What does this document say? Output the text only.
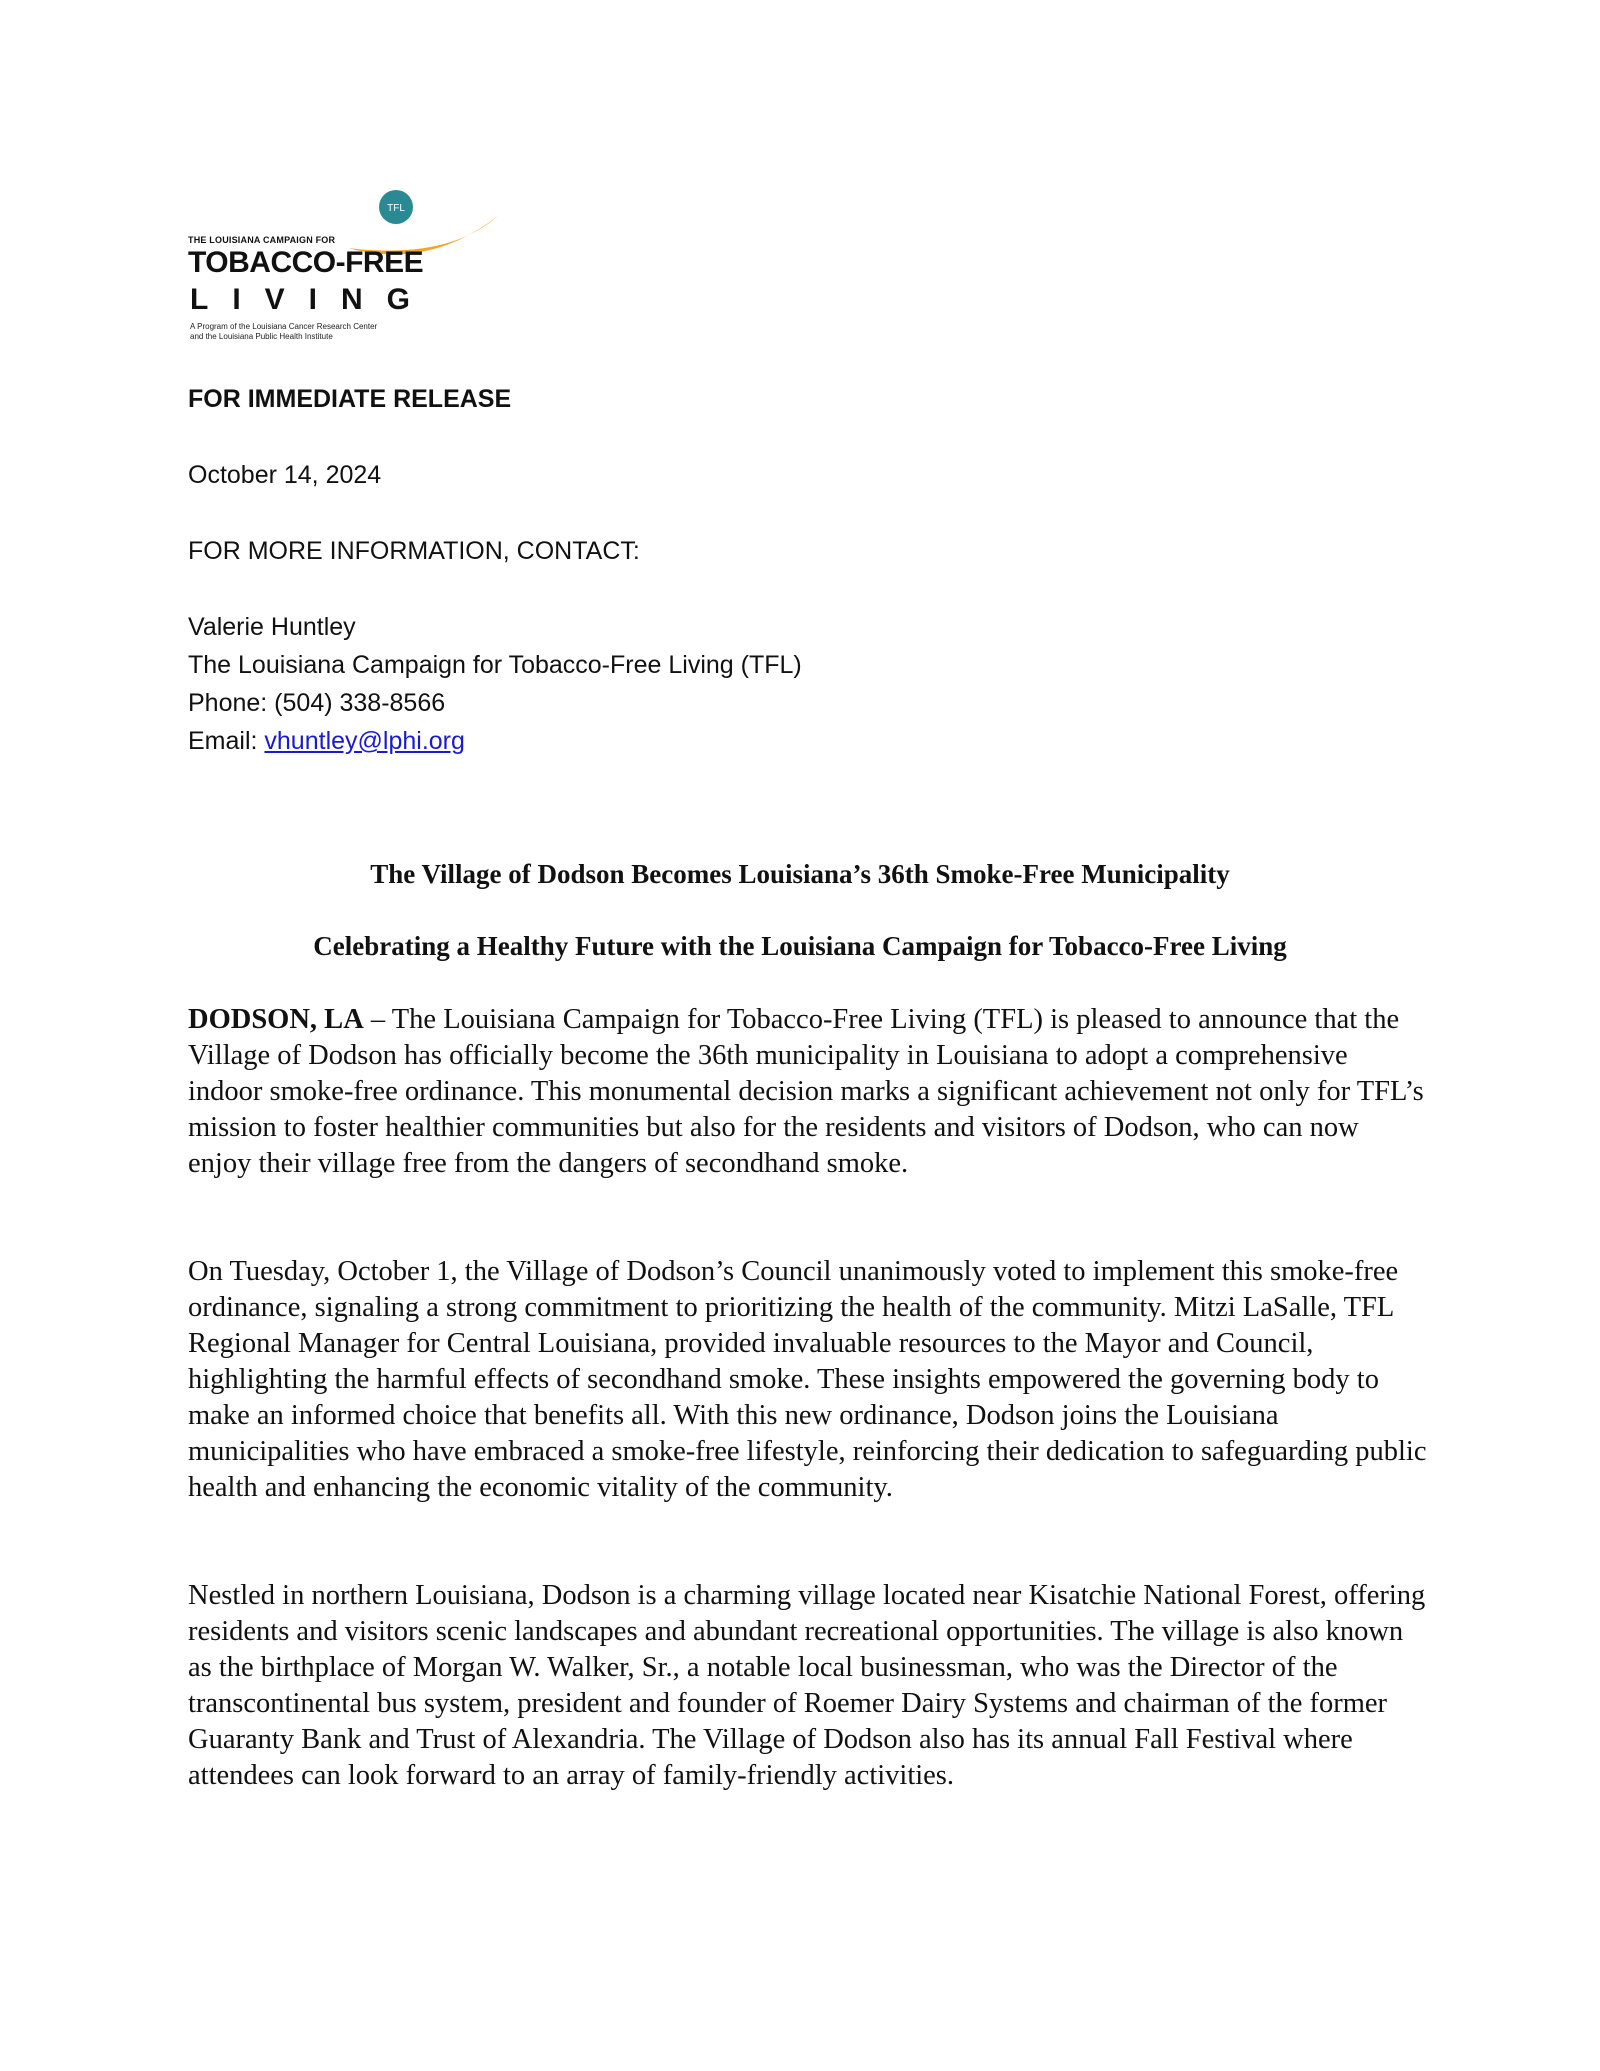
TFL
THE LOUISIANA CAMPAIGN FOR
TOBACCO-FREE
LIVING
A Program of the Louisiana Cancer Research Center
and the Louisiana Public Health Institute
FOR IMMEDIATE RELEASE
October 14, 2024
FOR MORE INFORMATION, CONTACT:
Valerie Huntley
The Louisiana Campaign for Tobacco-Free Living (TFL)
Phone: (504) 338-8566
Email: vhuntley@lphi.org
The Village of Dodson Becomes Louisiana’s 36th Smoke-Free Municipality
Celebrating a Healthy Future with the Louisiana Campaign for Tobacco-Free Living
DODSON, LA – The Louisiana Campaign for Tobacco-Free Living (TFL) is pleased to announce that the Village of Dodson has officially become the 36th municipality in Louisiana to adopt a comprehensive indoor smoke-free ordinance. This monumental decision marks a significant achievement not only for TFL’s mission to foster healthier communities but also for the residents and visitors of Dodson, who can now enjoy their village free from the dangers of secondhand smoke.
On Tuesday, October 1, the Village of Dodson’s Council unanimously voted to implement this smoke-free ordinance, signaling a strong commitment to prioritizing the health of the community. Mitzi LaSalle, TFL Regional Manager for Central Louisiana, provided invaluable resources to the Mayor and Council, highlighting the harmful effects of secondhand smoke. These insights empowered the governing body to make an informed choice that benefits all. With this new ordinance, Dodson joins the Louisiana municipalities who have embraced a smoke-free lifestyle, reinforcing their dedication to safeguarding public health and enhancing the economic vitality of the community.
Nestled in northern Louisiana, Dodson is a charming village located near Kisatchie National Forest, offering residents and visitors scenic landscapes and abundant recreational opportunities. The village is also known as the birthplace of Morgan W. Walker, Sr., a notable local businessman, who was the Director of the transcontinental bus system, president and founder of Roemer Dairy Systems and chairman of the former Guaranty Bank and Trust of Alexandria. The Village of Dodson also has its annual Fall Festival where attendees can look forward to an array of family-friendly activities.
